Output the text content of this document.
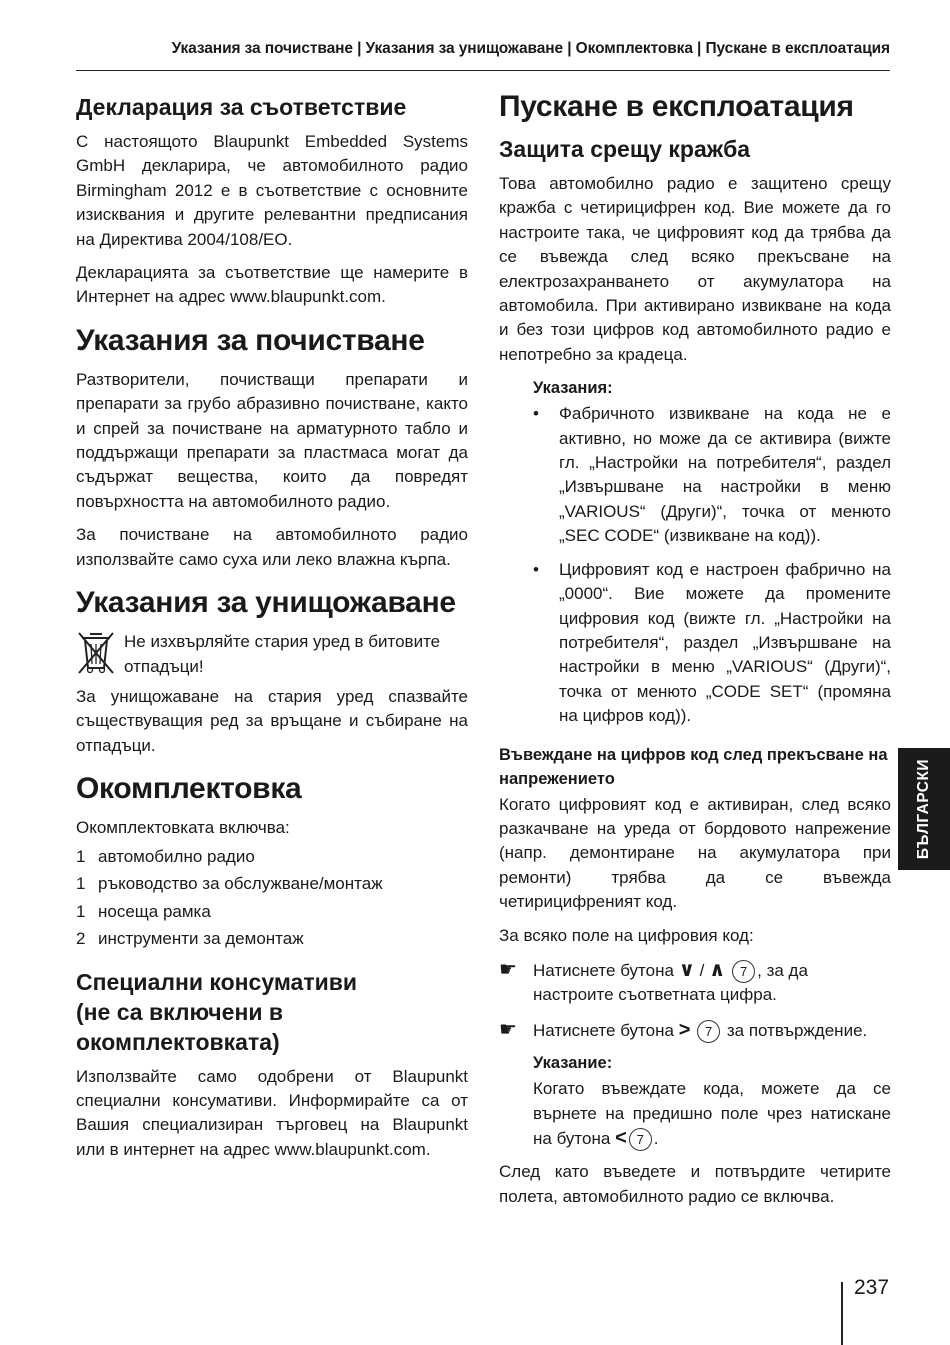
Указания за почистване | Указания за унищожаване | Окомплектовка | Пускане в експлоатация
Декларация за съответствие

С настоящото Blaupunkt Embedded Systems GmbH декларира, че автомобилното радио Birmingham 2012 е в съответствие с основните изисквания и другите релевантни предписания на Директива 2004/108/ЕО.

Декларацията за съответствие ще намерите в Интернет на адрес www.blaupunkt.com.

Указания за почистване

Разтворители, почистващи препарати и препарати за грубо абразивно почистване, както и спрей за почистване на арматурното табло и поддържащи препарати за пластмаса могат да съдържат вещества, които да повредят повърхността на автомобилното радио.

За почистване на автомобилното радио използвайте само суха или леко влажна кърпа.

Указания за унищожаване

Не изхвърляйте стария уред в битовите отпадъци!

За унищожаване на стария уред спазвайте съществуващия ред за връщане и събиране на отпадъци.

Окомплектовка

Окомплектовката включва:

1 автомобилно радио
1 ръководство за обслужване/монтаж
1 носеща рамка
2 инструменти за демонтаж
Специални консумативи
(не са включени в окомплектовката)

Използвайте само одобрени от Blaupunkt специални консумативи. Информирайте са от Вашия специализиран търговец на Blaupunkt или в интернет на адрес www.blaupunkt.com.

Пускане в експлоатация
Защита срещу кражба

Това автомобилно радио е защитено срещу кражба с четирицифрен код. Вие можете да го настроите така, че цифровият код да трябва да се въвежда след всяко прекъсване на електрозахранването от акумулатора на автомобила. При активирано извикване на кода и без този цифров код автомобилното радио е непотребно за крадеца.

Указания:
•	Фабричното извикване на кода не е активно, но може да се активира (вижте гл. „Настройки на потребителя“, раздел „Извършване на настройки в меню „VARIOUS“ (Други)“, точка от менюто „SEC CODE“ (извикване на код)).
•	Цифровият код е настроен фабрично на „0000“. Вие можете да промените цифровия код (вижте гл. „Настройки на потребителя“, раздел „Извършване на настройки в меню „VARIOUS“ (Други)“, точка от менюто „CODE SET“ (промяна на цифров код)).
Въвеждане на цифров код след прекъсване на напрежението

Когато цифровият код е активиран, след всяко разкачване на уреда от бордовото напрежение (напр. демонтиране на акумулатора при ремонти) трябва да се въвежда четирицифреният код.

За всяко поле на цифровия код:

☛ Натиснете бутона ∨ / ∧ 7 , за да настроите съответната цифра.
☛ Натиснете бутона > 7 за потвърждение.
Указание:

Когато въвеждате кода, можете да се върнете на предишно поле чрез натискане на бутона < 7 .

След като въведете и потвърдите четирите полета, автомобилното радио се включва.

БЪЛГАРСКИ
237
